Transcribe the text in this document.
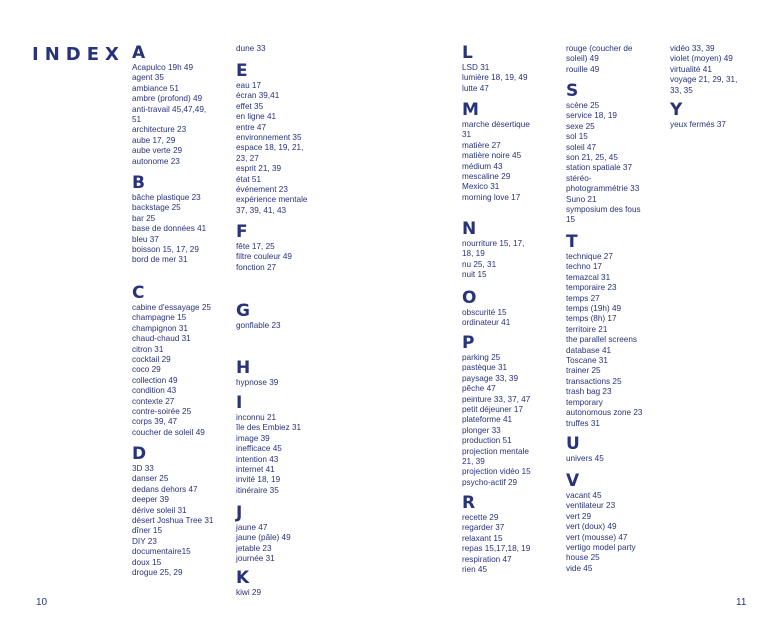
INDEX A
Acapulco 19h 49
agent 35
ambiance 51
ambre (profond) 49
anti-travail 45,47,49,
51
architecture 23
aube 17, 29
aube verte 29
autonome 23
B
bâche plastique 23
backstage 25
bar 25
base de données 41
bleu 37
boisson 15, 17, 29
bord de mer 31
C
cabine d'essayage 25
champagne 15
champignon 31
chaud-chaud 31
citron 31
cocktail 29
coco 29
collection 49
condition 43
contexte 27
contre-soirée 25
corps 39, 47
coucher de soleil 49
D
3D 33
danser 25
dedans dehors 47
deeper 39
dérive soleil 31
désert Joshua Tree 31
dîner 15
DIY 23
documentaire15
doux 15
drogue 25, 29
dune 33
E
eau 17
écran 39,41
effet 35
en ligne 41
entre 47
environnement 35
espace 18, 19, 21,
23, 27
esprit 21, 39
état 51
événement 23
expérience mentale
37, 39, 41, 43
F
fête 17, 25
filtre couleur 49
fonction 27
G
gonflable 23
H
hypnose 39
I
inconnu 21
île des Embiez 31
image 39
inefficace 45
intention 43
internet 41
invité 18, 19
itinéraire 35
J
jaune 47
jaune (pâle) 49
jetable 23
journée 31
K
kiwi 29
L
LSD 31
lumière 18, 19, 49
lutte 47
M
marche désertique
31
matière 27
matière noire 45
médium 43
mescaline 29
Mexico 31
morning love 17
N
nourriture 15, 17,
18, 19
nu 25, 31
nuit 15
O
obscurité 15
ordinateur 41
P
parking 25
pastèque 31
paysage 33, 39
pêche 47
peinture 33, 37, 47
petit déjeuner 17
plateforme 41
plonger 33
production 51
projection mentale
21, 39
projection vidéo 15
psycho-actif 29
R
recette 29
regarder 37
relaxant 15
repas 15,17,18, 19
respiration 47
rien 45
rouge (coucher de
soleil) 49
rouille 49
S
scène 25
service 18, 19
sexe 25
sol 15
soleil 47
son 21, 25, 45
station spatiale 37
stéréo-
photogrammétrie 33
Suno 21
symposium des fous
15
T
technique 27
techno 17
temazcal 31
temporaire 23
temps 27
temps (19h) 49
temps (8h) 17
territoire 21
the parallel screens
database 41
Toscane 31
trainer 25
transactions 25
trash bag 23
temporary
autonomous zone 23
truffes 31
U
univers 45
V
vacant 45
ventilateur 23
vert 29
vert (doux) 49
vert (mousse) 47
vertigo model party
house 25
vide 45
vidéo 33, 39
violet (moyen) 49
virtualité 41
voyage 21, 29, 31,
33, 35
Y
yeux fermés 37
10	11
